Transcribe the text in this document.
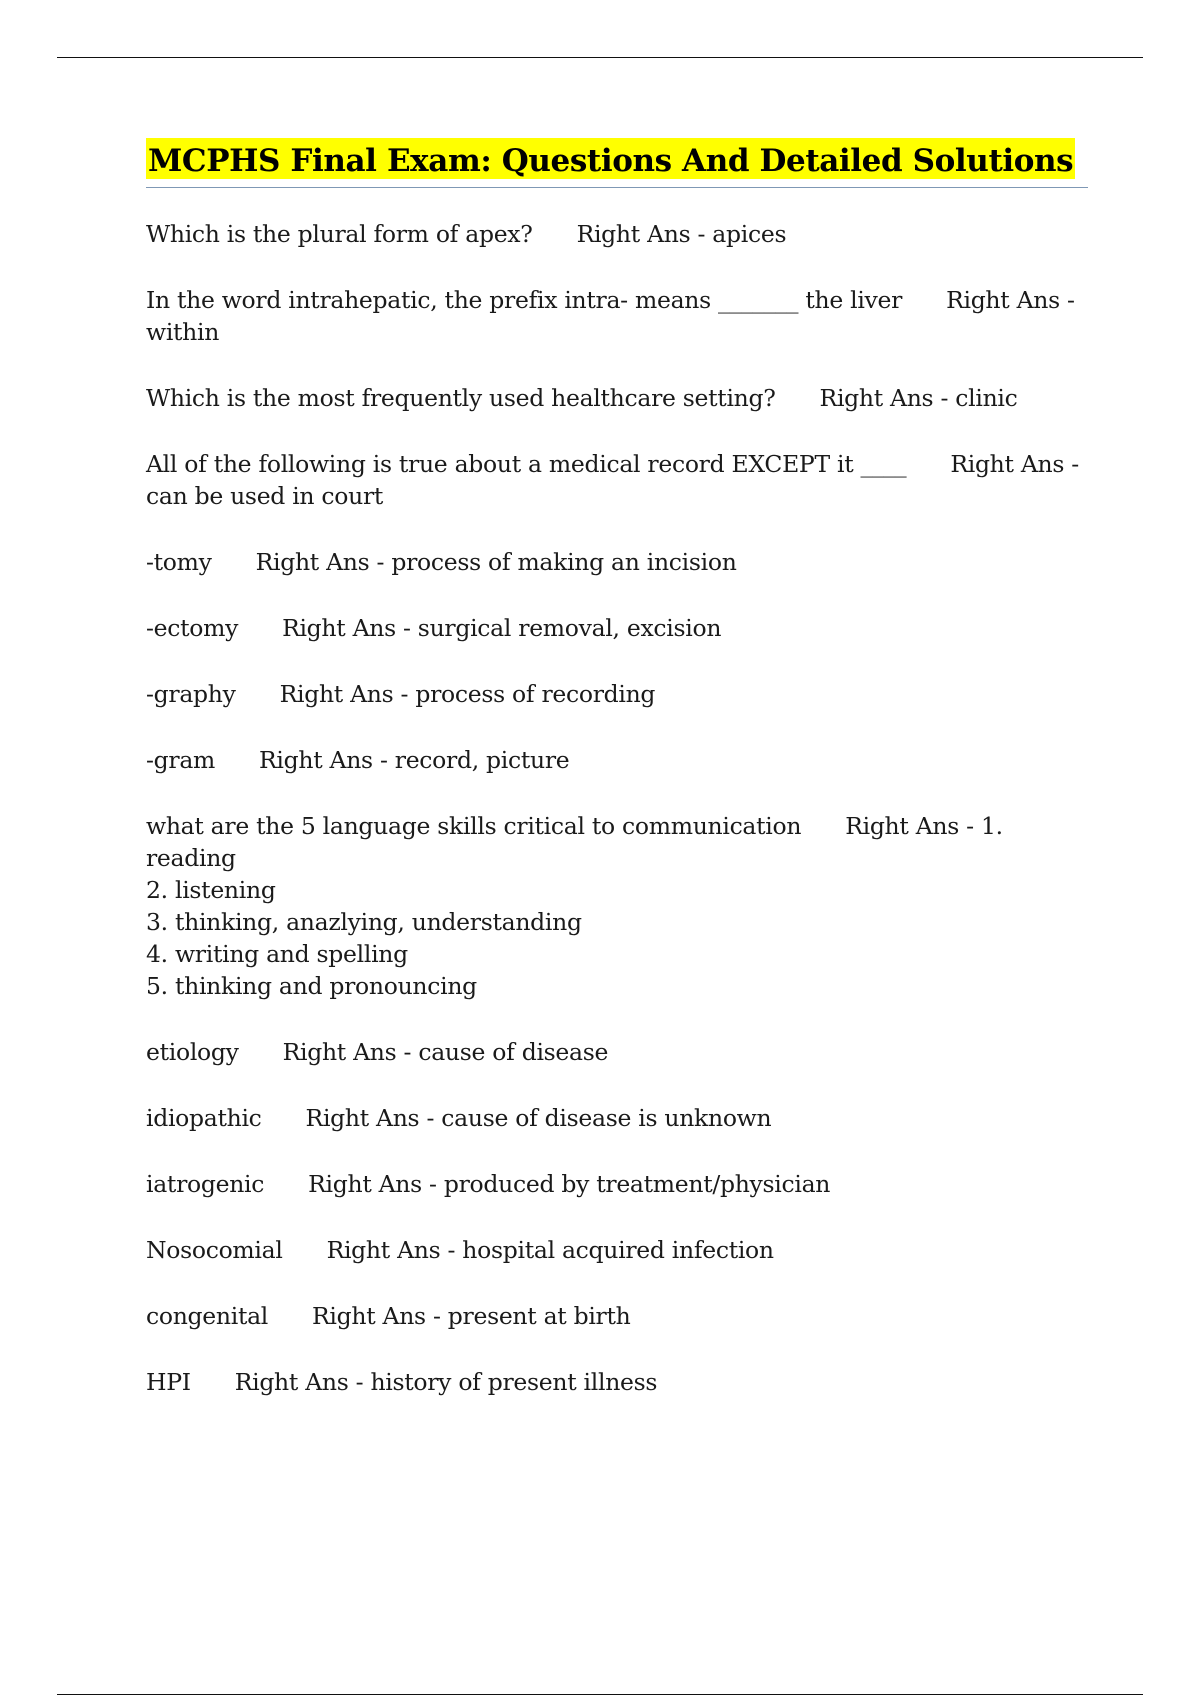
MCPHS Final Exam: Questions And Detailed Solutions

Which is the plural form of apex? Right Ans - apices

In the word intrahepatic, the prefix intra- means _______ the liver Right Ans - within

Which is the most frequently used healthcare setting? Right Ans - clinic

All of the following is true about a medical record EXCEPT it ____ Right Ans - can be used in court

-tomy Right Ans - process of making an incision

-ectomy Right Ans - surgical removal, excision

-graphy Right Ans - process of recording

-gram Right Ans - record, picture

what are the 5 language skills critical to communication Right Ans - 1. reading
2. listening
3. thinking, anazlying, understanding
4. writing and spelling
5. thinking and pronouncing

etiology Right Ans - cause of disease

idiopathic Right Ans - cause of disease is unknown

iatrogenic Right Ans - produced by treatment/physician

Nosocomial Right Ans - hospital acquired infection

congenital Right Ans - present at birth

HPI Right Ans - history of present illness
